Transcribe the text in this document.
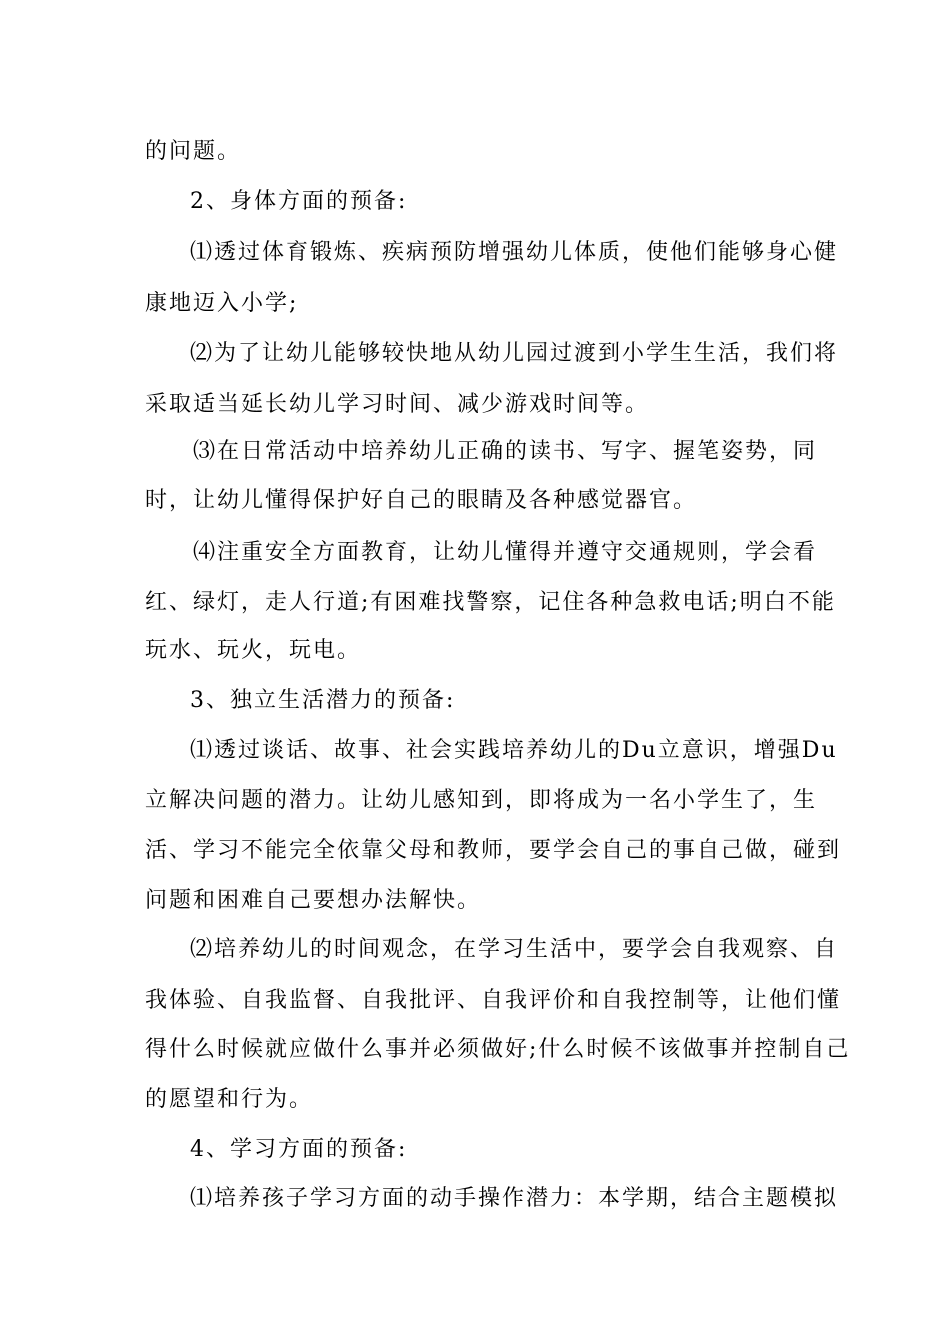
的问题。
2、身体方面的预备:
⑴透过体育锻炼、疾病预防增强幼儿体质，使他们能够身心健
康地迈入小学;
⑵为了让幼儿能够较快地从幼儿园过渡到小学生生活，我们将
采取适当延长幼儿学习时间、减少游戏时间等。
⑶在日常活动中培养幼儿正确的读书、写字、握笔姿势，同
时，让幼儿懂得保护好自己的眼睛及各种感觉器官。
⑷注重安全方面教育，让幼儿懂得并遵守交通规则，学会看
红、绿灯，走人行道;有困难找警察，记住各种急救电话;明白不能
玩水、玩火，玩电。
3、独立生活潜力的预备:
⑴透过谈话、故事、社会实践培养幼儿的Du立意识，增强Du
立解决问题的潜力。让幼儿感知到，即将成为一名小学生了，生
活、学习不能完全依靠父母和教师，要学会自己的事自己做，碰到
问题和困难自己要想办法解快。
⑵培养幼儿的时间观念，在学习生活中，要学会自我观察、自
我体验、自我监督、自我批评、自我评价和自我控制等，让他们懂
得什么时候就应做什么事并必须做好;什么时候不该做事并控制自己
的愿望和行为。
4、学习方面的预备:
⑴培养孩子学习方面的动手操作潜力：本学期，结合主题模拟
